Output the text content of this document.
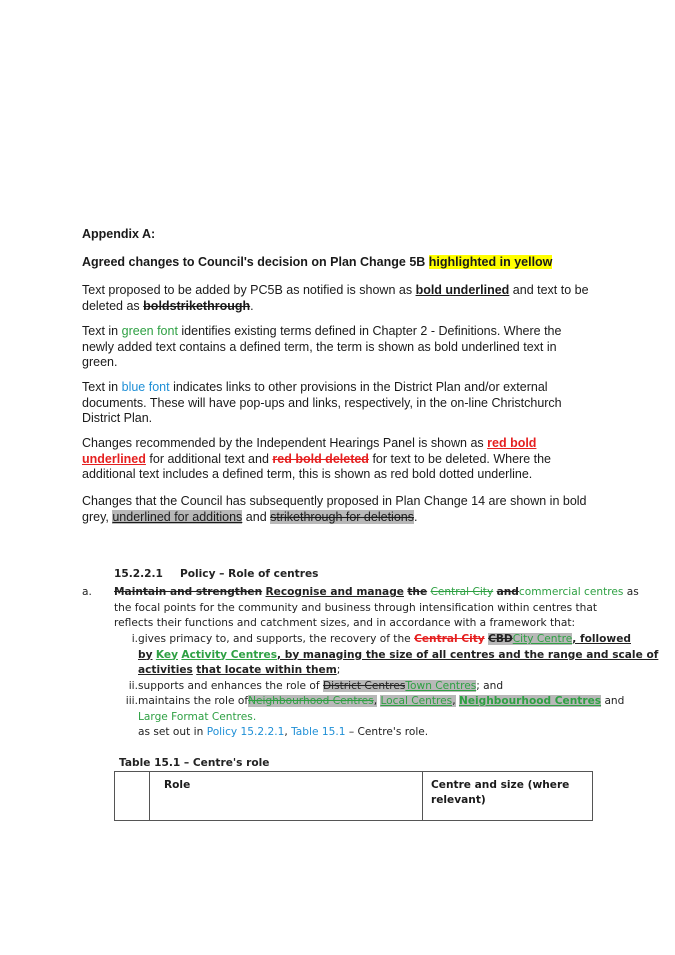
Appendix A:
Agreed changes to Council's decision on Plan Change 5B highlighted in yellow
Text proposed to be added by PC5B as notified is shown as bold underlined and text to be deleted as boldstrikethrough.
Text in green font identifies existing terms defined in Chapter 2 - Definitions. Where the newly added text contains a defined term, the term is shown as bold underlined text in green.
Text in blue font indicates links to other provisions in the District Plan and/or external documents. These will have pop-ups and links, respectively, in the on-line Christchurch District Plan.
Changes recommended by the Independent Hearings Panel is shown as red bold underlined for additional text and red bold deleted for text to be deleted. Where the additional text includes a defined term, this is shown as red bold dotted underline.
Changes that the Council has subsequently proposed in Plan Change 14 are shown in bold grey, underlined for additions and strikethrough for deletions.
15.2.2.1 Policy – Role of centres
a. Maintain and strengthen Recognise and manage the Central City andcommercial centres as
the focal points for the community and business through intensification within centres that
reflects their functions and catchment sizes, and in accordance with a framework that:
i. gives primacy to, and supports, the recovery of the Central City CBDCity Centre, followed
by Key Activity Centres, by managing the size of all centres and the range and scale of
activities that locate within them;
ii. supports and enhances the role of District CentresTown Centres; and
iii. maintains the role ofNeighbourhood Centres, Local Centres, Neighbourhood Centres and
Large Format Centres.
as set out in Policy 15.2.2.1, Table 15.1 – Centre's role.
Table 15.1 – Centre's role
	Role	Centre and size (where relevant)
